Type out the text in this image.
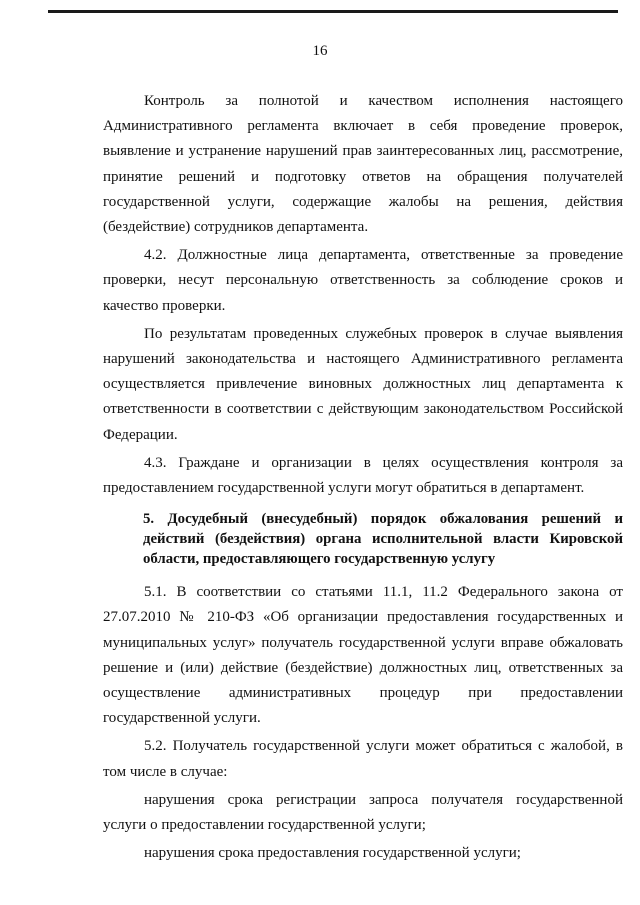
16

Контроль за полнотой и качеством исполнения настоящего Административного регламента включает в себя проведение проверок, выявление и устранение нарушений прав заинтересованных лиц, рассмотрение, принятие решений и подготовку ответов на обращения получателей государственной услуги, содержащие жалобы на решения, действия (бездействие) сотрудников департамента.

4.2. Должностные лица департамента, ответственные за проведение проверки, несут персональную ответственность за соблюдение сроков и качество проверки.

По результатам проведенных служебных проверок в случае выявления нарушений законодательства и настоящего Административного регламента осуществляется привлечение виновных должностных лиц департамента к ответственности в соответствии с действующим законодательством Российской Федерации.

4.3. Граждане и организации в целях осуществления контроля за предоставлением государственной услуги могут обратиться в департамент.

5. Досудебный (внесудебный) порядок обжалования решений и действий (бездействия) органа исполнительной власти Кировской области, предоставляющего государственную услугу

5.1. В соответствии со статьями 11.1, 11.2 Федерального закона от 27.07.2010 № 210-ФЗ «Об организации предоставления государственных и муниципальных услуг» получатель государственной услуги вправе обжаловать решение и (или) действие (бездействие) должностных лиц, ответственных за осуществление административных процедур при предоставлении государственной услуги.

5.2. Получатель государственной услуги может обратиться с жалобой, в том числе в случае:

нарушения срока регистрации запроса получателя государственной услуги о предоставлении государственной услуги;

нарушения срока предоставления государственной услуги;
